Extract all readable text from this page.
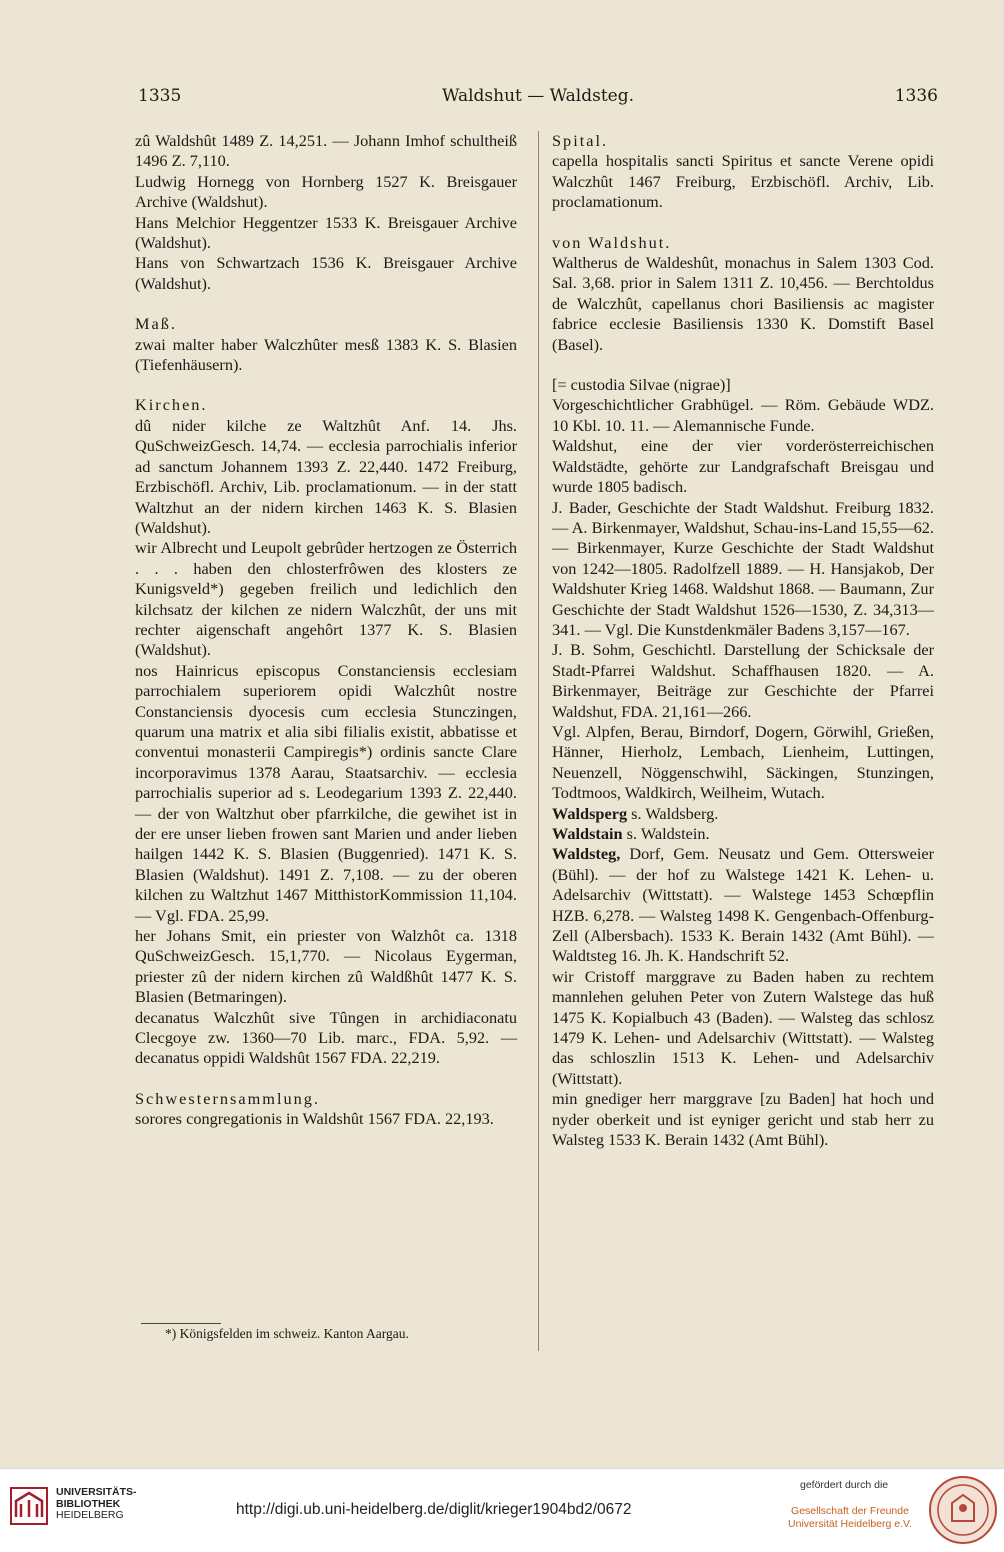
1335	Waldshut — Waldsteg.	1336

zû Waldshût 1489 Z. 14,251. — Johann Imhof schultheiß 1496 Z. 7,110.

Ludwig Hornegg von Hornberg 1527 K. Breisgauer Archive (Waldshut).

Hans Melchior Heggentzer 1533 K. Breisgauer Archive (Waldshut).

Hans von Schwartzach 1536 K. Breisgauer Archive (Waldshut).

Maß.

zwai malter haber Walczhûter mesß 1383 K. S. Blasien (Tiefenhäusern).

Kirchen.

dû nider kilche ze Waltzhût Anf. 14. Jhs. QuSchweizGesch. 14,74. — ecclesia parrochialis inferior ad sanctum Johannem 1393 Z. 22,440. 1472 Freiburg, Erzbischöfl. Archiv, Lib. proclamationum. — in der statt Waltzhut an der nidern kirchen 1463 K. S. Blasien (Waldshut).

wir Albrecht und Leupolt gebrûder hertzogen ze Österrich . . . haben den chlosterfrôwen des klosters ze Kunigsveld*) gegeben freilich und ledichlich den kilchsatz der kilchen ze nidern Walczhût, der uns mit rechter aigenschaft angehôrt 1377 K. S. Blasien (Waldshut).

nos Hainricus episcopus Constanciensis ecclesiam parrochialem superiorem opidi Walczhût nostre Constanciensis dyocesis cum ecclesia Stunczingen, quarum una matrix et alia sibi filialis existit, abbatisse et conventui monasterii Campiregis*) ordinis sancte Clare incorporavimus 1378 Aarau, Staatsarchiv. — ecclesia parrochialis superior ad s. Leodegarium 1393 Z. 22,440. — der von Waltzhut ober pfarrkilche, die gewihet ist in der ere unser lieben frowen sant Marien und ander lieben hailgen 1442 K. S. Blasien (Buggenried). 1471 K. S. Blasien (Waldshut). 1491 Z. 7,108. — zu der oberen kilchen zu Waltzhut 1467 MitthistorKommission 11,104. — Vgl. FDA. 25,99.

her Johans Smit, ein priester von Walzhôt ca. 1318 QuSchweizGesch. 15,1,770. — Nicolaus Eygerman, priester zû der nidern kirchen zû Waldßhût 1477 K. S. Blasien (Betmaringen).

decanatus Walczhût sive Tûngen in archidiaconatu Clecgoye zw. 1360—70 Lib. marc., FDA. 5,92. — decanatus oppidi Waldshût 1567 FDA. 22,219.

Schwesternsammlung.

sorores congregationis in Waldshût 1567 FDA. 22,193.

Spital.

capella hospitalis sancti Spiritus et sancte Verene opidi Walczhût 1467 Freiburg, Erzbischöfl. Archiv, Lib. proclamationum.

von Waldshut.

Waltherus de Waldeshût, monachus in Salem 1303 Cod. Sal. 3,68. prior in Salem 1311 Z. 10,456. — Berchtoldus de Walczhût, capellanus chori Basiliensis ac magister fabrice ecclesie Basiliensis 1330 K. Domstift Basel (Basel).

[= custodia Silvae (nigrae)]

Vorgeschichtlicher Grabhügel. — Röm. Gebäude WDZ. 10 Kbl. 10. 11. — Alemannische Funde.

Waldshut, eine der vier vorderösterreichischen Waldstädte, gehörte zur Landgrafschaft Breisgau und wurde 1805 badisch.

J. Bader, Geschichte der Stadt Waldshut. Freiburg 1832. — A. Birkenmayer, Waldshut, Schau-ins-Land 15,55—62. — Birkenmayer, Kurze Geschichte der Stadt Waldshut von 1242—1805. Radolfzell 1889. — H. Hansjakob, Der Waldshuter Krieg 1468. Waldshut 1868. — Baumann, Zur Geschichte der Stadt Waldshut 1526—1530, Z. 34,313—341. — Vgl. Die Kunstdenkmäler Badens 3,157—167.

J. B. Sohm, Geschichtl. Darstellung der Schicksale der Stadt-Pfarrei Waldshut. Schaffhausen 1820. — A. Birkenmayer, Beiträge zur Geschichte der Pfarrei Waldshut, FDA. 21,161—266.

Vgl. Alpfen, Berau, Birndorf, Dogern, Görwihl, Grießen, Hänner, Hierholz, Lembach, Lienheim, Luttingen, Neuenzell, Nöggenschwihl, Säckingen, Stunzingen, Todtmoos, Waldkirch, Weilheim, Wutach.

Waldsperg s. Waldsberg.

Waldstain s. Waldstein.

Waldsteg, Dorf, Gem. Neusatz und Gem. Ottersweier (Bühl). — der hof zu Walstege 1421 K. Lehen- u. Adelsarchiv (Wittstatt). — Walstege 1453 Schœpflin HZB. 6,278. — Walsteg 1498 K. Gengenbach-Offenburg-Zell (Albersbach). 1533 K. Berain 1432 (Amt Bühl). — Waldtsteg 16. Jh. K. Handschrift 52.

wir Cristoff marggrave zu Baden haben zu rechtem mannlehen geluhen Peter von Zutern Walstege das huß 1475 K. Kopialbuch 43 (Baden). — Walsteg das schlosz 1479 K. Lehen- und Adelsarchiv (Wittstatt). — Walsteg das schloszlin 1513 K. Lehen- und Adelsarchiv (Wittstatt).

min gnediger herr marggrave [zu Baden] hat hoch und nyder oberkeit und ist eyniger gericht und stab herr zu Walsteg 1533 K. Berain 1432 (Amt Bühl).

*) Königsfelden im schweiz. Kanton Aargau.
UNIVERSITÄTS-
BIBLIOTHEK
HEIDELBERG	http://digi.ub.uni-heidelberg.de/diglit/krieger1904bd2/0672
gefördert durch die
Gesellschaft der Freunde
Universität Heidelberg e.V.
